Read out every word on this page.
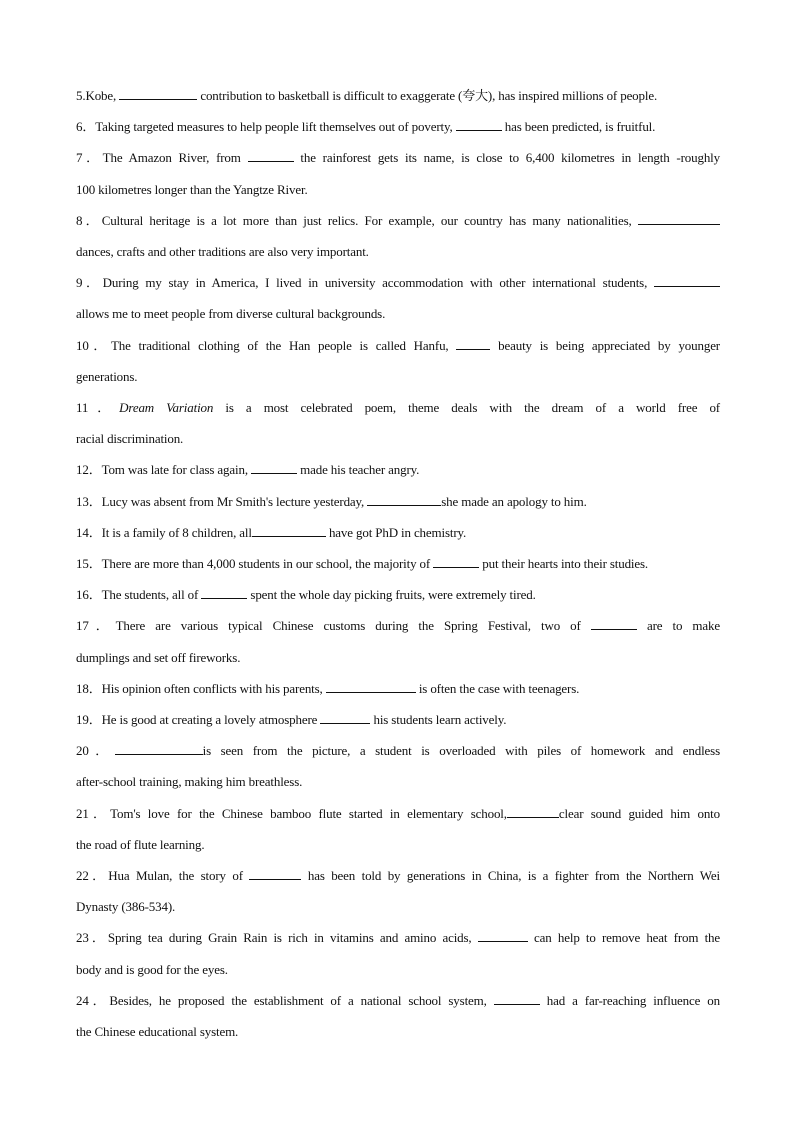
5.Kobe,	contribution to basketball is difficult to exaggerate (夸大), has inspired millions of people.
6．Taking targeted measures to help people lift themselves out of poverty,	has been predicted, is fruitful.
7．The Amazon River, from	the rainforest gets its name, is close to 6,400 kilometres in length -roughly
100 kilometres longer than the Yangtze River.
8．Cultural heritage is a lot more than just relics. For example, our country has many nationalities,
dances, crafts and other traditions are also very important.
9．During my stay in America, I lived in university accommodation with other international students,
allows me to meet people from diverse cultural backgrounds.
10．The traditional clothing of the Han people is called Hanfu,	beauty is being appreciated by younger
generations.
11．Dream Variation is a most celebrated poem, theme deals with the dream of a world free of
racial discrimination.
12．Tom was late for class again,	made his teacher angry.
13．Lucy was absent from Mr Smith's lecture yesterday,	she made an apology to him.
14．It is a family of 8 children, all	have got PhD in chemistry.
15．There are more than 4,000 students in our school, the majority of	put their hearts into their studies.
16．The students, all of	spent the whole day picking fruits, were extremely tired.
17．There are various typical Chinese customs during the Spring Festival, two of	are to make
dumplings and set off fireworks.
18．His opinion often conflicts with his parents,	is often the case with teenagers.
19．He is good at creating a lovely atmosphere	his students learn actively.
20．	is seen from the picture, a student is overloaded with piles of homework and endless
after-school training, making him breathless.
21．Tom's love for the Chinese bamboo flute started in elementary school,	clear sound guided him onto
the road of flute learning.
22．Hua Mulan, the story of	has been told by generations in China, is a fighter from the Northern Wei
Dynasty (386-534).
23．Spring tea during Grain Rain is rich in vitamins and amino acids,	can help to remove heat from the
body and is good for the eyes.
24．Besides, he proposed the establishment of a national school system,	had a far-reaching influence on
the Chinese educational system.
